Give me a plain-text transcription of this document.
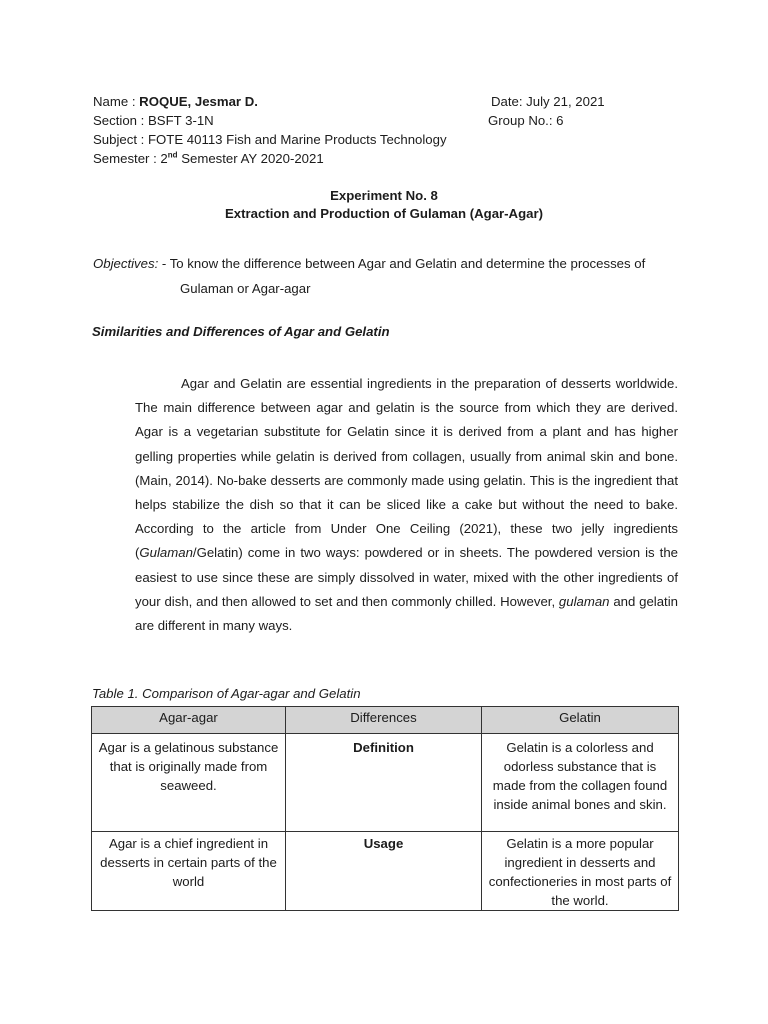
Name : ROQUE, Jesmar D.
Section : BSFT 3-1N
Subject : FOTE 40113 Fish and Marine Products Technology
Semester : 2nd Semester AY 2020-2021
Date: July 21, 2021
Group No.: 6
Experiment No. 8
Extraction and Production of Gulaman (Agar-Agar)
Objectives: - To know the difference between Agar and Gelatin and determine the processes of
Gulaman or Agar-agar
Similarities and Differences of Agar and Gelatin
Agar and Gelatin are essential ingredients in the preparation of desserts worldwide. The main difference between agar and gelatin is the source from which they are derived. Agar is a vegetarian substitute for Gelatin since it is derived from a plant and has higher gelling properties while gelatin is derived from collagen, usually from animal skin and bone. (Main, 2014). No-bake desserts are commonly made using gelatin. This is the ingredient that helps stabilize the dish so that it can be sliced like a cake but without the need to bake. According to the article from Under One Ceiling (2021), these two jelly ingredients (Gulaman/Gelatin) come in two ways: powdered or in sheets. The powdered version is the easiest to use since these are simply dissolved in water, mixed with the other ingredients of your dish, and then allowed to set and then commonly chilled. However, gulaman and gelatin are different in many ways.
Table 1. Comparison of Agar-agar and Gelatin
Agar-agar	Differences	Gelatin
Agar is a gelatinous substance that is originally made from seaweed.	Definition	Gelatin is a colorless and odorless substance that is made from the collagen found inside animal bones and skin.
Agar is a chief ingredient in desserts in certain parts of the world	Usage	Gelatin is a more popular ingredient in desserts and confectioneries in most parts of the world.
